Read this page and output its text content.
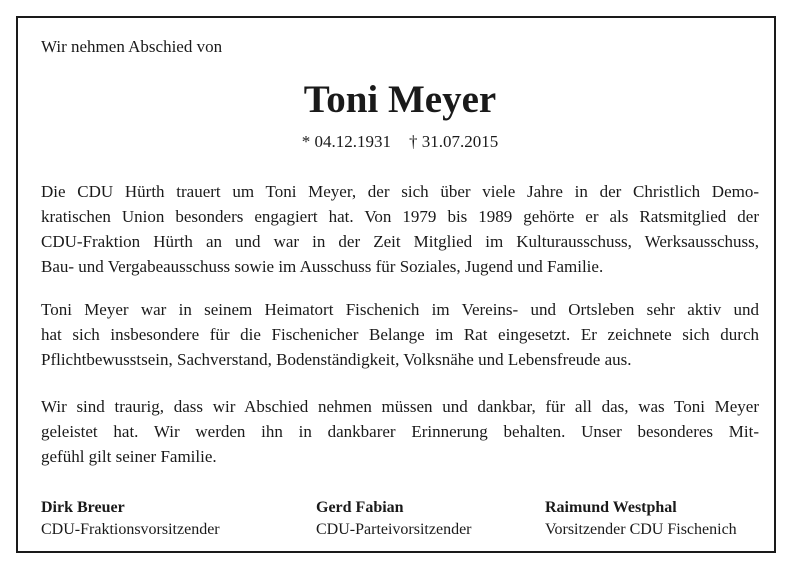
Wir nehmen Abschied von
Toni Meyer
* 04.12.1931 † 31.07.2015
Die CDU Hürth trauert um Toni Meyer, der sich über viele Jahre in der Christlich Demo-
kratischen Union besonders engagiert hat. Von 1979 bis 1989 gehörte er als Ratsmitglied der
CDU-Fraktion Hürth an und war in der Zeit Mitglied im Kulturausschuss, Werksausschuss,
Bau- und Vergabeausschuss sowie im Ausschuss für Soziales, Jugend und Familie.
Toni Meyer war in seinem Heimatort Fischenich im Vereins- und Ortsleben sehr aktiv und
hat sich insbesondere für die Fischenicher Belange im Rat eingesetzt. Er zeichnete sich durch
Pflichtbewusstsein, Sachverstand, Bodenständigkeit, Volksnähe und Lebensfreude aus.
Wir sind traurig, dass wir Abschied nehmen müssen und dankbar, für all das, was Toni Meyer
geleistet hat. Wir werden ihn in dankbarer Erinnerung behalten. Unser besonderes Mit-
gefühl gilt seiner Familie.
Dirk Breuer
CDU-Fraktionsvorsitzender
Gerd Fabian
CDU-Parteivorsitzender
Raimund Westphal
Vorsitzender CDU Fischenich
